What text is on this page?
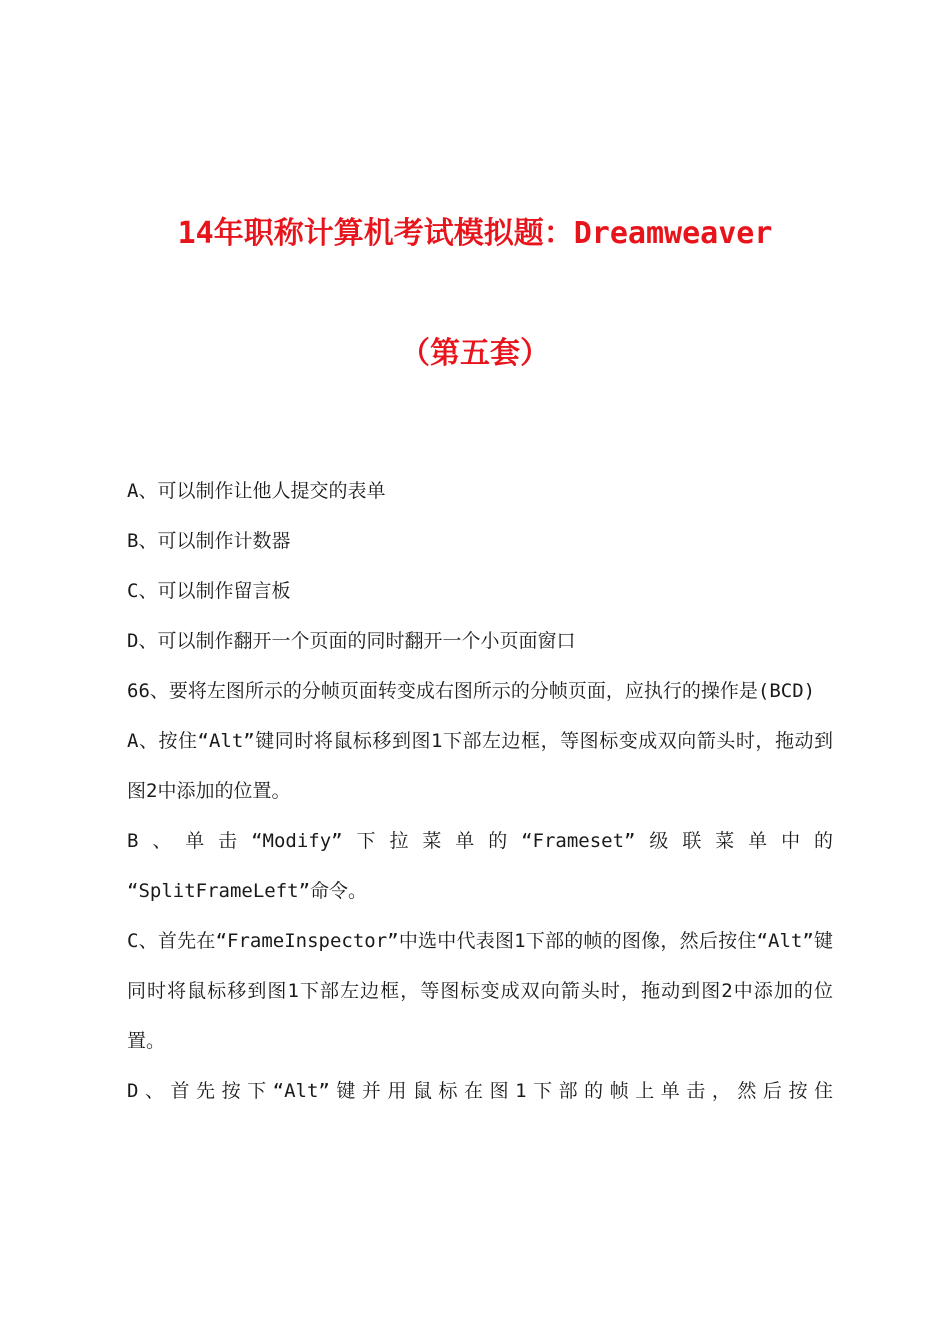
14年职称计算机考试模拟题：Dreamweaver
（第五套）

A、可以制作让他人提交的表单

B、可以制作计数器

C、可以制作留言板

D、可以制作翻开一个页面的同时翻开一个小页面窗口

66、要将左图所示的分帧页面转变成右图所示的分帧页面，应执行的操作是(BCD)

A、按住“Alt”键同时将鼠标移到图1下部左边框，等图标变成双向箭头时，拖动到图2中添加的位置。

B、单击“Modify”下拉菜单的“Frameset”级联菜单中的

“SplitFrameLeft”命令。

C、首先在“FrameInspector”中选中代表图1下部的帧的图像，然后按住“Alt”键同时将鼠标移到图1下部左边框，等图标变成双向箭头时，拖动到图2中添加的位置。

D、首先按下“Alt”键并用鼠标在图1下部的帧上单击，然后按住
